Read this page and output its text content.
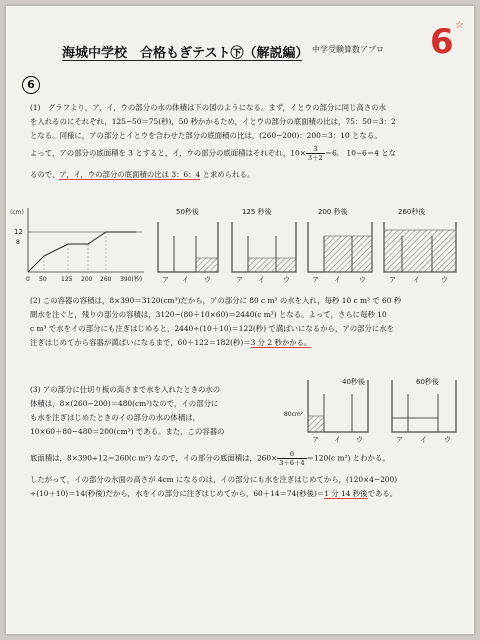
海城中学校　合格もぎテスト㊦（解説編） 中学受験算数アプロ 6 ☆
6
(1)　グラフより，ア，イ，ウの部分の水の体積は下の図のようになる。まず，イとウの部分に同じ高さの水
を入れるのにそれぞれ，125−50＝75(秒)，50 秒かかるため，イとウの部分の底面積の比は，75：50＝3：2
となる。同様に，アの部分とイとウを合わせた部分の底面積の比は，(260−200)：200＝3：10 となる。
よって，アの部分の底面積を 3 とすると，イ，ウの部分の底面積はそれぞれ，$10\times \frac{3}{3+2} =6$,　10−6＝4 とな
るので，ア，イ，ウの部分の底面積の比は 3：6：4 と求められる。
(cm)
12
8
0 50 125 200 260 390(秒)
50秒後
ア イ ウ
125 秒後
ア イ	ウ
200 秒後
ア イ	ウ
260秒後
ア イ	ウ
(2) この容器の容積は，8×390＝3120(cm³)だから，アの部分に 80 c m³ の水を入れ，毎秒 10 c m³ で 60 秒
間水を注ぐと，残りの部分の容積は，3120−(80＋10×60)＝2440(c m³) となる。よって，さらに毎秒 10
c m³ で水をイの部分にも注ぎはじめると，2440÷(10＋10)＝122(秒) で満ぱいになるから，アの部分に水を
注ぎはじめてから容器が満ぱいになるまで，60＋122＝182(秒)＝3 分 2 秒かかる。
(3) アの部分に仕切り板の高さまで水を入れたときの水の
体積は，8×(260−200)＝480(cm³)なので，イの部分に
も水を注ぎはじめたときのイの部分の水の体積は，
10×60＋80−480＝200(cm³) である。また，この容器の
40秒後
80cm²
ア イ ウ
60秒後
ア イ ウ
底面積は，8×390÷12＝260(c m²) なので，イの部分の底面積は，$260\times \frac{6}{3+6+4} =120(c$ m²) とわかる。
したがって，イの部分の水面の高さが 4cm になるのは，イの部分にも水を注ぎはじめてから，(120×4−200)
÷(10＋10)＝14(秒後)だから，水をイの部分に注ぎはじめてから，60＋14＝74(秒後)＝1 分 14 秒後である。
